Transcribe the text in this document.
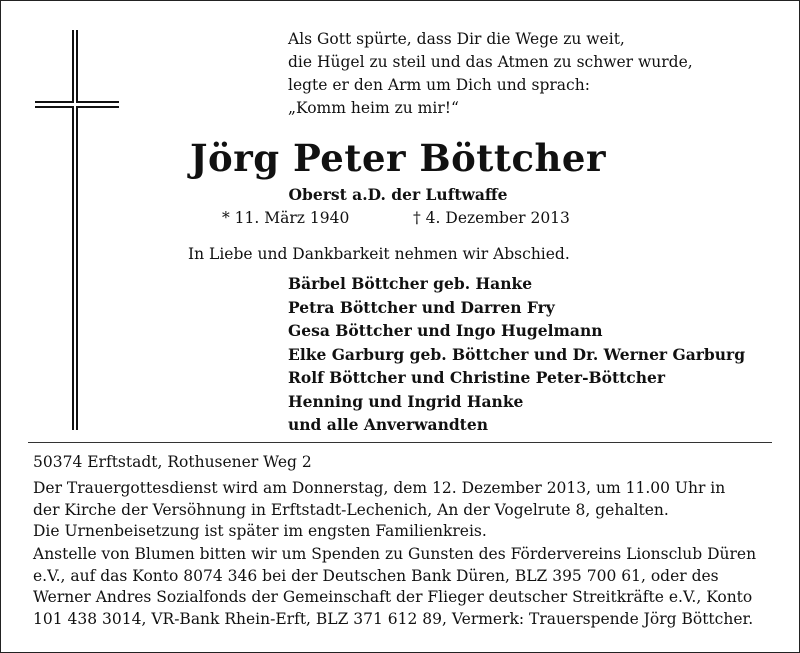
Als Gott spürte, dass Dir die Wege zu weit,
die Hügel zu steil und das Atmen zu schwer wurde,
legte er den Arm um Dich und sprach:
„Komm heim zu mir!“
Jörg Peter Böttcher
Oberst a.D. der Luftwaffe
* 11. März 1940	† 4. Dezember 2013
In Liebe und Dankbarkeit nehmen wir Abschied.
Bärbel Böttcher geb. Hanke
Petra Böttcher und Darren Fry
Gesa Böttcher und Ingo Hugelmann
Elke Garburg geb. Böttcher und Dr. Werner Garburg
Rolf Böttcher und Christine Peter-Böttcher
Henning und Ingrid Hanke
und alle Anverwandten
50374 Erftstadt, Rothusener Weg 2
Der Trauergottesdienst wird am Donnerstag, dem 12. Dezember 2013, um 11.00 Uhr in
der Kirche der Versöhnung in Erftstadt-Lechenich, An der Vogelrute 8, gehalten.
Die Urnenbeisetzung ist später im engsten Familienkreis.
Anstelle von Blumen bitten wir um Spenden zu Gunsten des Fördervereins Lionsclub Düren
e.V., auf das Konto 8074 346 bei der Deutschen Bank Düren, BLZ 395 700 61, oder des
Werner Andres Sozialfonds der Gemeinschaft der Flieger deutscher Streitkräfte e.V., Konto
101 438 3014, VR-Bank Rhein-Erft, BLZ 371 612 89, Vermerk: Trauerspende Jörg Böttcher.
